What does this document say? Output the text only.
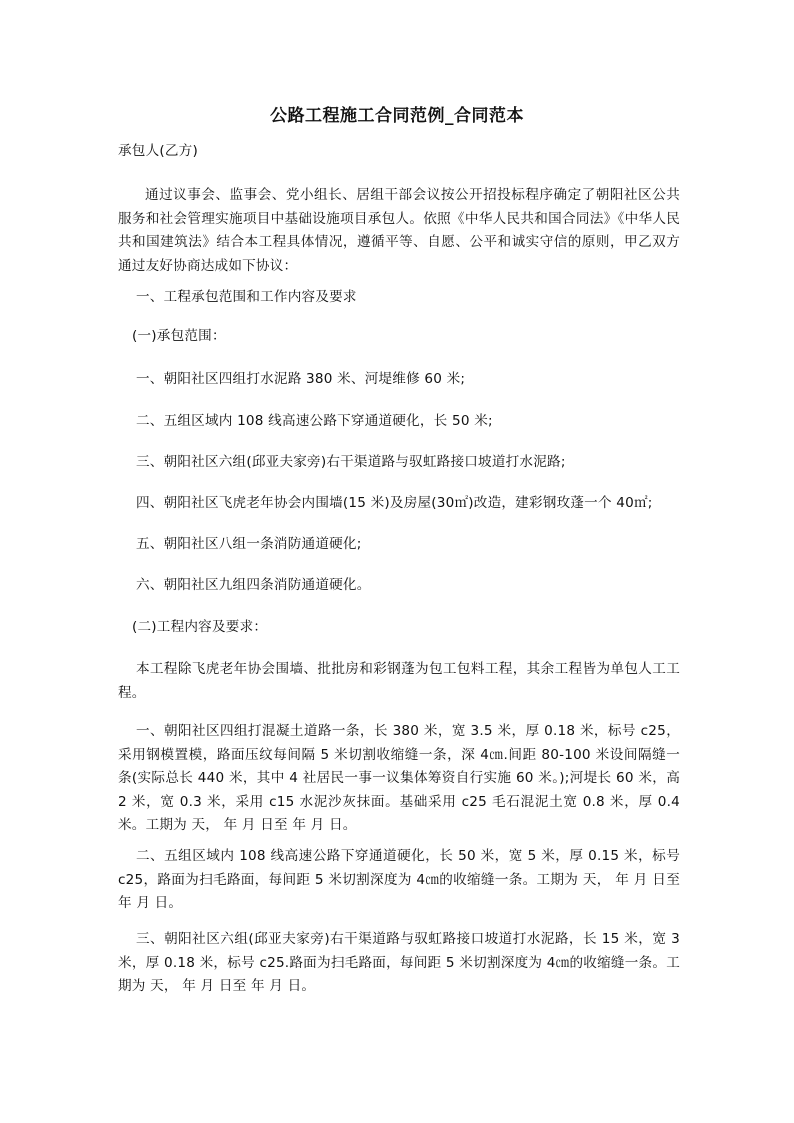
公路工程施工合同范例_合同范本
承包人(乙方)
通过议事会、监事会、党小组长、居组干部会议按公开招投标程序确定了朝阳社区公共服务和社会管理实施项目中基础设施项目承包人。依照《中华人民共和国合同法》《中华人民共和国建筑法》结合本工程具体情况，遵循平等、自愿、公平和诚实守信的原则，甲乙双方通过友好协商达成如下协议：
一、工程承包范围和工作内容及要求
(一)承包范围：
一、朝阳社区四组打水泥路 380 米、河堤维修 60 米;
二、五组区域内 108 线高速公路下穿通道硬化，长 50 米;
三、朝阳社区六组(邱亚夫家旁)右干渠道路与驭虹路接口坡道打水泥路;
四、朝阳社区飞虎老年协会内围墙(15 米)及房屋(30㎡)改造，建彩钢玫蓬一个 40㎡;
五、朝阳社区八组一条消防通道硬化;
六、朝阳社区九组四条消防通道硬化。
(二)工程内容及要求：
本工程除飞虎老年协会围墙、批批房和彩钢蓬为包工包料工程，其余工程皆为单包人工工程。
一、朝阳社区四组打混凝土道路一条，长 380 米，宽 3.5 米，厚 0.18 米，标号 c25，采用钢模置模，路面压纹每间隔 5 米切割收缩缝一条，深 4㎝.间距 80-100 米设间隔缝一条(实际总长 440 米，其中 4 社居民一事一议集体筹资自行实施 60 米。);河堤长 60 米，高 2 米，宽 0.3 米，采用 c15 水泥沙灰抹面。基础采用 c25 毛石混泥土宽 0.8 米，厚 0.4 米。工期为 天， 年 月 日至 年 月 日。
二、五组区域内 108 线高速公路下穿通道硬化，长 50 米，宽 5 米，厚 0.15 米，标号 c25，路面为扫毛路面，每间距 5 米切割深度为 4㎝的收缩缝一条。工期为 天， 年 月 日至 年 月 日。
三、朝阳社区六组(邱亚夫家旁)右干渠道路与驭虹路接口坡道打水泥路，长 15 米，宽 3 米，厚 0.18 米，标号 c25.路面为扫毛路面，每间距 5 米切割深度为 4㎝的收缩缝一条。工期为 天， 年 月 日至 年 月 日。
